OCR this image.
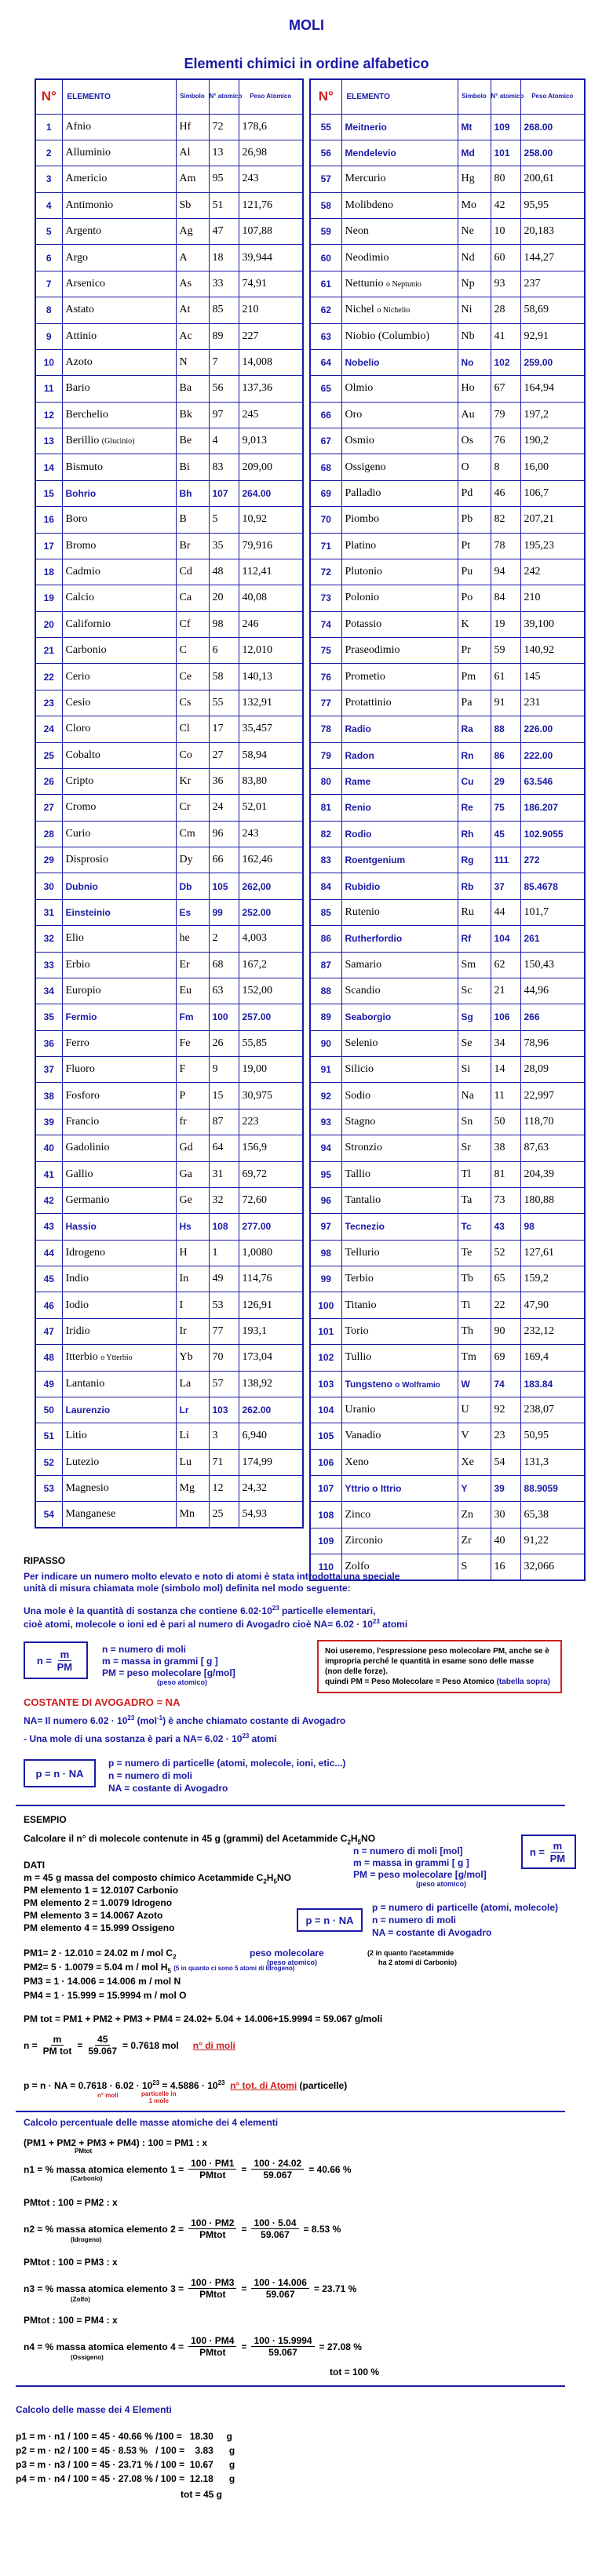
MOLI
Elementi chimici in ordine alfabetico
N°	ELEMENTO	Simbolo	N° atomico	Peso Atomico
1	Afnio	Hf	72	178,6
2	Alluminio	Al	13	26,98
3	Americio	Am	95	243
4	Antimonio	Sb	51	121,76
5	Argento	Ag	47	107,88
6	Argo	A	18	39,944
7	Arsenico	As	33	74,91
8	Astato	At	85	210
9	Attinio	Ac	89	227
10	Azoto	N	7	14,008
11	Bario	Ba	56	137,36
12	Berchelio	Bk	97	245
13	Berillio (Glucinio)	Be	4	9,013
14	Bismuto	Bi	83	209,00
15	Bohrio	Bh	107	264.00
16	Boro	B	5	10,92
17	Bromo	Br	35	79,916
18	Cadmio	Cd	48	112,41
19	Calcio	Ca	20	40,08
20	Californio	Cf	98	246
21	Carbonio	C	6	12,010
22	Cerio	Ce	58	140,13
23	Cesio	Cs	55	132,91
24	Cloro	Cl	17	35,457
25	Cobalto	Co	27	58,94
26	Cripto	Kr	36	83,80
27	Cromo	Cr	24	52,01
28	Curio	Cm	96	243
29	Disprosio	Dy	66	162,46
30	Dubnio	Db	105	262,00
31	Einsteinio	Es	99	252.00
32	Elio	he	2	4,003
33	Erbio	Er	68	167,2
34	Europio	Eu	63	152,00
35	Fermio	Fm	100	257.00
36	Ferro	Fe	26	55,85
37	Fluoro	F	9	19,00
38	Fosforo	P	15	30,975
39	Francio	fr	87	223
40	Gadolinio	Gd	64	156,9
41	Gallio	Ga	31	69,72
42	Germanio	Ge	32	72,60
43	Hassio	Hs	108	277.00
44	Idrogeno	H	1	1,0080
45	Indio	In	49	114,76
46	Iodio	I	53	126,91
47	Iridio	Ir	77	193,1
48	Itterbio o Ytterbio	Yb	70	173,04
49	Lantanio	La	57	138,92
50	Laurenzio	Lr	103	262.00
51	Litio	Li	3	6,940
52	Lutezio	Lu	71	174,99
53	Magnesio	Mg	12	24,32
54	Manganese	Mn	25	54,93
N°	ELEMENTO	Simbolo	N° atomico	Peso Atomico
55	Meitnerio	Mt	109	268.00
56	Mendelevio	Md	101	258.00
57	Mercurio	Hg	80	200,61
58	Molibdeno	Mo	42	95,95
59	Neon	Ne	10	20,183
60	Neodimio	Nd	60	144,27
61	Nettunio o Neptunio	Np	93	237
62	Nichel o Nichelio	Ni	28	58,69
63	Niobio (Columbio)	Nb	41	92,91
64	Nobelio	No	102	259.00
65	Olmio	Ho	67	164,94
66	Oro	Au	79	197,2
67	Osmio	Os	76	190,2
68	Ossigeno	O	8	16,00
69	Palladio	Pd	46	106,7
70	Piombo	Pb	82	207,21
71	Platino	Pt	78	195,23
72	Plutonio	Pu	94	242
73	Polonio	Po	84	210
74	Potassio	K	19	39,100
75	Praseodimio	Pr	59	140,92
76	Prometio	Pm	61	145
77	Protattinio	Pa	91	231
78	Radio	Ra	88	226.00
79	Radon	Rn	86	222.00
80	Rame	Cu	29	63.546
81	Renio	Re	75	186.207
82	Rodio	Rh	45	102.9055
83	Roentgenium	Rg	111	272
84	Rubidio	Rb	37	85.4678
85	Rutenio	Ru	44	101,7
86	Rutherfordio	Rf	104	261
87	Samario	Sm	62	150,43
88	Scandio	Sc	21	44,96
89	Seaborgio	Sg	106	266
90	Selenio	Se	34	78,96
91	Silicio	Si	14	28,09
92	Sodio	Na	11	22,997
93	Stagno	Sn	50	118,70
94	Stronzio	Sr	38	87,63
95	Tallio	Tl	81	204,39
96	Tantalio	Ta	73	180,88
97	Tecnezio	Tc	43	98
98	Tellurio	Te	52	127,61
99	Terbio	Tb	65	159,2
100	Titanio	Ti	22	47,90
101	Torio	Th	90	232,12
102	Tullio	Tm	69	169,4
103	Tungsteno o Wolframio	W	74	183.84
104	Uranio	U	92	238,07
105	Vanadio	V	23	50,95
106	Xeno	Xe	54	131,3
107	Yttrio o Ittrio	Y	39	88.9059
108	Zinco	Zn	30	65,38
109	Zirconio	Zr	40	91,22
110	Zolfo	S	16	32,066
RIPASSO
Per indicare un numero molto elevato e noto di atomi è stata introdotta una speciale
unità di misura chiamata mole (simbolo mol) definita nel modo seguente:
Una mole è la quantità di sostanza che contiene $6.02\cdot 10^{23}$ particelle elementari,
cioè atomi, molecole o ioni ed è pari al numero di Avogadro cioè $NA= 6.02 \cdot 10^{23}$ atomi
n =
$\frac{m}{PM}$	n = numero di moli
m = massa in grammi [ g ]
PM = peso molecolare [g/mol]
(peso atomico)
Noi useremo, l'espressione peso molecolare PM, anche se è
impropria perché le quantità in esame sono delle masse
(non delle forze).
quindi PM = Peso Molecolare = Peso Atomico (tabella sopra)
COSTANTE DI AVOGADRO = NA
NA= Il numero $6.02 \cdot 10^{23}$ (mol$^{-1}$) è anche chiamato costante di Avogadro
- Una mole di una sostanza è pari a $NA= 6.02 \cdot 10^{23}$ atomi
p = n · NA
p = numero di particelle (atomi, molecole, ioni, etic...)
n = numero di moli
NA = costante di Avogadro
ESEMPIO
Calcolare il n° di molecole contenute in 45 g (grammi) del Acetammide $C_2H_5NO$
DATI
m = 45 g massa del composto chimico Acetammide $C_2H_5NO$
PM elemento 1 = 12.0107 Carbonio
PM elemento 2 = 1.0079 Idrogeno
PM elemento 3 = 14.0067 Azoto
PM elemento 4 = 15.999 Ossigeno
n = numero di moli [mol]
m = massa in grammi [ g ]
PM = peso molecolare [g/mol]
(peso atomico)
n =
$\frac{m}{PM}$
p = n · NA
p = numero di particelle (atomi, molecole)
n = numero di moli
NA = costante di Avogadro
PM1= 2 · 12.010 = 24.02 m / mol $C_2$
PM2= 5 · 1.0079 = 5.04 m / mol $H_5$ (5 in quanto ci sono 5 atomi di Idrogeno)
PM3 = 1 · 14.006 = 14.006 m / mol N
PM4 = 1 · 15.999 = 15.9994 m / mol O
peso molecolare
(peso atomico)
(2 in quanto l'acetammide
ha 2 atomi di Carbonio)
PM tot = PM1 + PM2 + PM3 + PM4 = 24.02+ 5.04 + 14.006+15.9994 = 59.067 g/moli
$n = \frac{m}{\text{PM tot}} = \frac{45}{59.067} = 0.7618$ mol n° di moli
p = n · NA = $0.7618 \cdot 6.02 \cdot 10^{23} = 4.5886 \cdot 10^{23}$ n° tot. di Atomi (particelle)
n° moli	particelle in
1 mole
Calcolo percentuale delle masse atomiche dei 4 elementi
(PM1 + PM2 + PM3 + PM4) : 100 = PM1 : x
PMtot
n1 = % massa atomica elemento $1 = \frac{100 \cdot PM1}{\text{PMtot}} = \frac{100 \cdot 24.02}{59.067} = 40.66$ %
(Carbonio)
PMtot : 100 = PM2 : x
n2 = % massa atomica elemento $2 = \frac{100 \cdot PM2}{\text{PMtot}} = \frac{100 \cdot 5.04}{59.067} = 8.53$ %
(Idrogeno)
PMtot : 100 = PM3 : x
n3 = % massa atomica elemento $3 = \frac{100 \cdot PM3}{\text{PMtot}} = \frac{100 \cdot 14.006}{59.067} = 23.71$ %
(Zolfo)
PMtot : 100 = PM4 : x
n4 = % massa atomica elemento $4 = \frac{100 \cdot PM4}{\text{PMtot}} = \frac{100 \cdot 15.9994}{59.067} = 27.08$ %
(Ossigeno)
tot = 100 %
Calcolo delle masse dei 4 Elementi
p1 = m · n1 / 100 = 45 · 40.66 % /100 =   18.30     g
p2 = m · n2 / 100 = 45 · 8.53 %   / 100 =    3.83      g
p3 = m · n3 / 100 = 45 · 23.71 % / 100 =  10.67      g
p4 = m · n4 / 100 = 45 · 27.08 % / 100 =  12.18      g
tot = 45 g
